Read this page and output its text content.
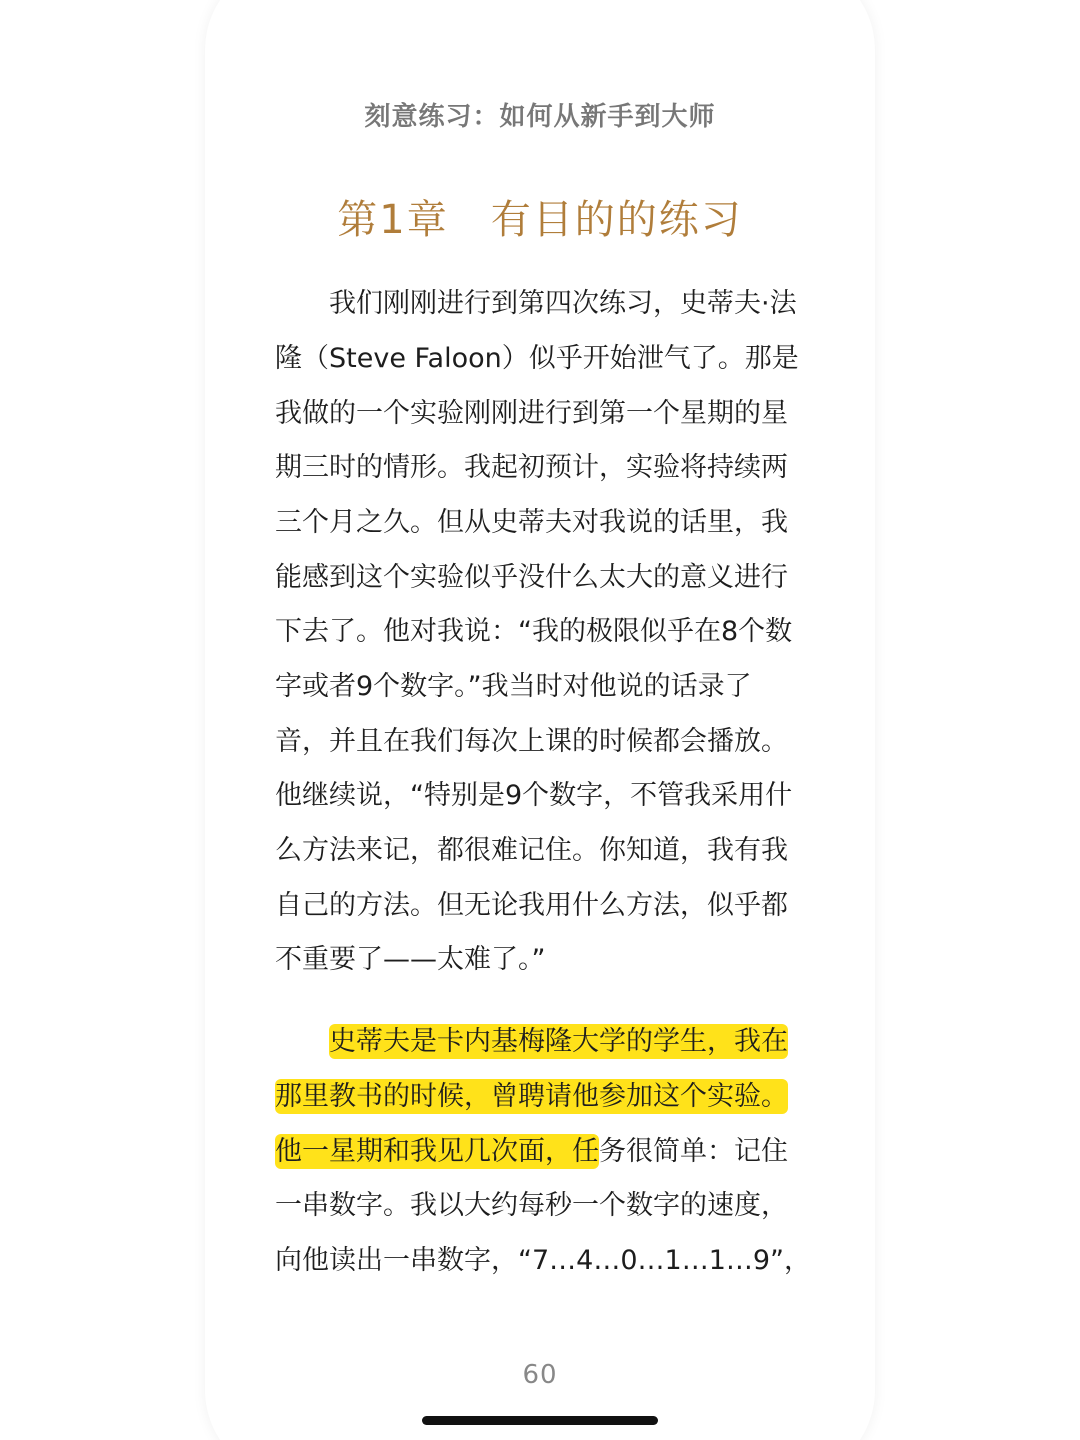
刻意练习：如何从新手到大师
第1章　有目的的练习
我们刚刚进行到第四次练习，史蒂夫·法
隆（Steve Faloon）似乎开始泄气了。那是
我做的一个实验刚刚进行到第一个星期的星
期三时的情形。我起初预计，实验将持续两
三个月之久。但从史蒂夫对我说的话里，我
能感到这个实验似乎没什么太大的意义进行
下去了。他对我说：“我的极限似乎在8个数
字或者9个数字。”我当时对他说的话录了
音，并且在我们每次上课的时候都会播放。
他继续说，“特别是9个数字，不管我采用什
么方法来记，都很难记住。你知道，我有我
自己的方法。但无论我用什么方法，似乎都
不重要了——太难了。”
史蒂夫是卡内基梅隆大学的学生，我在
那里教书的时候，曾聘请他参加这个实验。
他一星期和我见几次面，任务很简单：记住
一串数字。我以大约每秒一个数字的速度，
向他读出一串数字，“7…4…0…1…1…9”，
60
